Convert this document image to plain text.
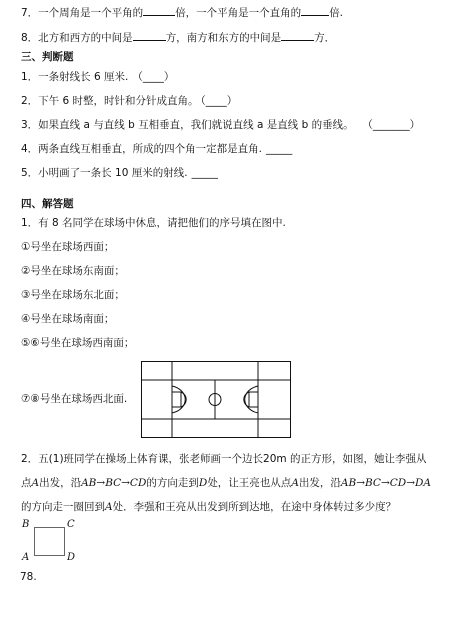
7．一个周角是一个平角的	倍，一个平角是一个直角的	倍.
8．北方和西方的中间是	方，南方和东方的中间是	方．
三、判断题
1．一条射线长 6 厘米. （____）
2．下午 6 时整，时针和分针成直角。 （____）
3．如果直线 a 与直线 b 互相垂直，我们就说直线 a 是直线 b 的垂线。 （_______）
4．两条直线互相垂直，所成的四个角一定都是直角. _____
5．小明画了一条长 10 厘米的射线. _____
四、解答题
1．有 8 名同学在球场中休息，请把他们的序号填在图中.
①号坐在球场西面；
②号坐在球场东南面；
③号坐在球场东北面；
④号坐在球场南面；
⑤⑥号坐在球场西南面；
⑦⑧号坐在球场西北面.
2．五(1)班同学在操场上体育课，张老师画一个边长20m 的正方形，如图，她让李强从
点A出发，沿AB→BC→CD的方向走到D处，让王亮也从点A出发，沿AB→BC→CD→DA
的方向走一圈回到A处．李强和王亮从出发到所到达地，在途中身体转过多少度？
B	C
A	D
78.
